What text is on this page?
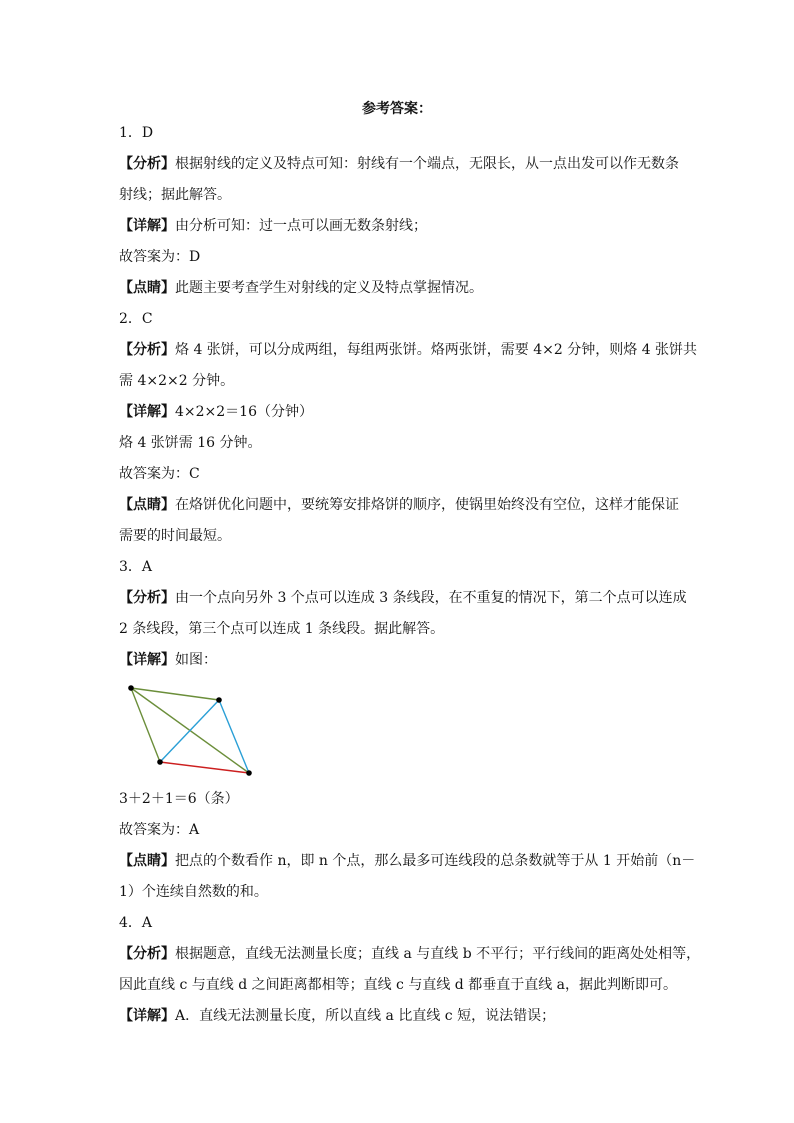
参考答案：
1．D
【分析】根据射线的定义及特点可知：射线有一个端点，无限长，从一点出发可以作无数条
射线；据此解答。
【详解】由分析可知：过一点可以画无数条射线；
故答案为：D
【点睛】此题主要考查学生对射线的定义及特点掌握情况。
2．C
【分析】烙 4 张饼，可以分成两组，每组两张饼。烙两张饼，需要 4×2 分钟，则烙 4 张饼共
需 4×2×2 分钟。
【详解】4×2×2＝16（分钟）
烙 4 张饼需 16 分钟。
故答案为：C
【点睛】在烙饼优化问题中，要统筹安排烙饼的顺序，使锅里始终没有空位，这样才能保证
需要的时间最短。
3．A
【分析】由一个点向另外 3 个点可以连成 3 条线段，在不重复的情况下，第二个点可以连成
2 条线段，第三个点可以连成 1 条线段。据此解答。
【详解】如图：
3＋2＋1＝6（条）
故答案为：A
【点睛】把点的个数看作 n，即 n 个点，那么最多可连线段的总条数就等于从 1 开始前（n－
1）个连续自然数的和。
4．A
【分析】根据题意，直线无法测量长度；直线 a 与直线 b 不平行；平行线间的距离处处相等，
因此直线 c 与直线 d 之间距离都相等；直线 c 与直线 d 都垂直于直线 a，据此判断即可。
【详解】A．直线无法测量长度，所以直线 a 比直线 c 短，说法错误；
